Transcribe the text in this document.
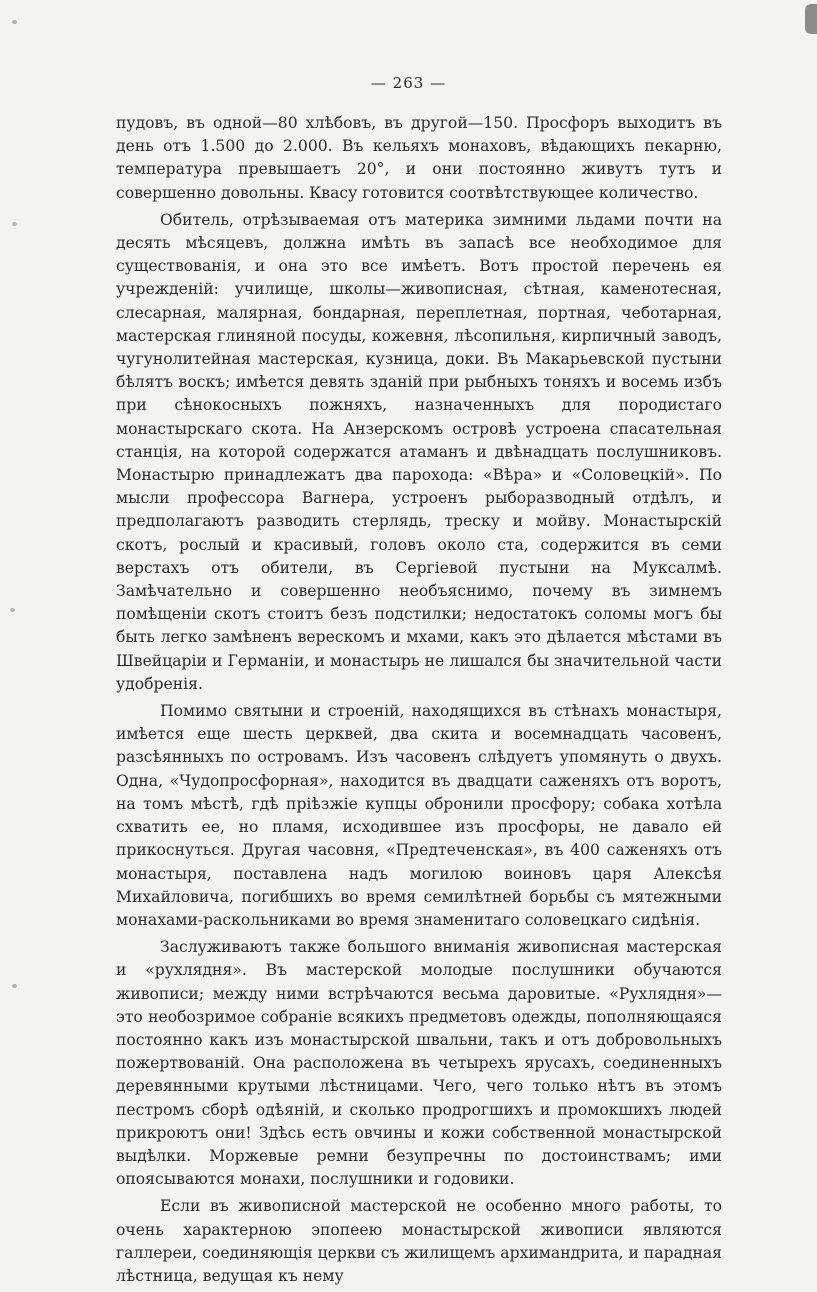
— 263 —

пудовъ, въ одной—80 хлѣбовъ, въ другой—150. Просфоръ выходитъ въ день отъ 1.500 до 2.000. Въ кельяхъ монаховъ, вѣдающихъ пекарню, температура превышаетъ 20°, и они постоянно живутъ тутъ и совершенно довольны. Квасу готовится соотвѣтствующее количество.

Обитель, отрѣзываемая отъ материка зимними льдами почти на десять мѣсяцевъ, должна имѣть въ запасѣ все необходимое для существованія, и она это все имѣетъ. Вотъ простой перечень ея учрежденій: училище, школы—живописная, сѣтная, каменотесная, слесарная, малярная, бондарная, переплетная, портная, чеботарная, мастерская глиняной посуды, кожевня, лѣсопильня, кирпичный заводъ, чугунолитейная мастерская, кузница, доки. Въ Макарьевской пустыни бѣлятъ воскъ; имѣется девять зданій при рыбныхъ тоняхъ и восемь избъ при сѣнокосныхъ пожняхъ, назначенныхъ для породистаго монастырскаго скота. На Анзерскомъ островѣ устроена спасательная станція, на которой содержатся атаманъ и двѣнадцать послушниковъ. Монастырю принадлежатъ два парохода: «Вѣра» и «Соловецкій». По мысли профессора Вагнера, устроенъ рыборазводный отдѣлъ, и предполагаютъ разводить стерлядь, треску и мойву. Монастырскій скотъ, рослый и красивый, головъ около ста, содержится въ семи верстахъ отъ обители, въ Сергіевой пустыни на Муксалмѣ. Замѣчательно и совершенно необъяснимо, почему въ зимнемъ помѣщеніи скотъ стоитъ безъ подстилки; недостатокъ соломы могъ бы быть легко замѣненъ верескомъ и мхами, какъ это дѣлается мѣстами въ Швейцаріи и Германіи, и монастырь не лишался бы значительной части удобренія.

Помимо святыни и строеній, находящихся въ стѣнахъ монастыря, имѣется еще шесть церквей, два скита и восемнадцать часовенъ, разсѣянныхъ по островамъ. Изъ часовенъ слѣдуетъ упомянуть о двухъ. Одна, «Чудопросфорная», находится въ двадцати саженяхъ отъ воротъ, на томъ мѣстѣ, гдѣ пріѣзжіе купцы обронили просфору; собака хотѣла схватить ее, но пламя, исходившее изъ просфоры, не давало ей прикоснуться. Другая часовня, «Предтеченская», въ 400 саженяхъ отъ монастыря, поставлена надъ могилою воиновъ царя Алексѣя Михайловича, погибшихъ во время семилѣтней борьбы съ мятежными монахами-раскольниками во время знаменитаго соловецкаго сидѣнія.

Заслуживаютъ также большого вниманія живописная мастерская и «рухлядня». Въ мастерской молодые послушники обучаются живописи; между ними встрѣчаются весьма даровитые. «Рухлядня»—это необозримое собраніе всякихъ предметовъ одежды, пополняющаяся постоянно какъ изъ монастырской швальни, такъ и отъ добровольныхъ пожертвованій. Она расположена въ четырехъ ярусахъ, соединенныхъ деревянными крутыми лѣстницами. Чего, чего только нѣтъ въ этомъ пестромъ сборѣ одѣяній, и сколько продрогшихъ и промокшихъ людей прикроютъ они! Здѣсь есть овчины и кожи собственной монастырской выдѣлки. Моржевые ремни безупречны по достоинствамъ; ими опоясываются монахи, послушники и годовики.

Если въ живописной мастерской не особенно много работы, то очень характерною эпопеею монастырской живописи являются галлереи, соединяющія церкви съ жилищемъ архимандрита, и парадная лѣстница, ведущая къ нему
